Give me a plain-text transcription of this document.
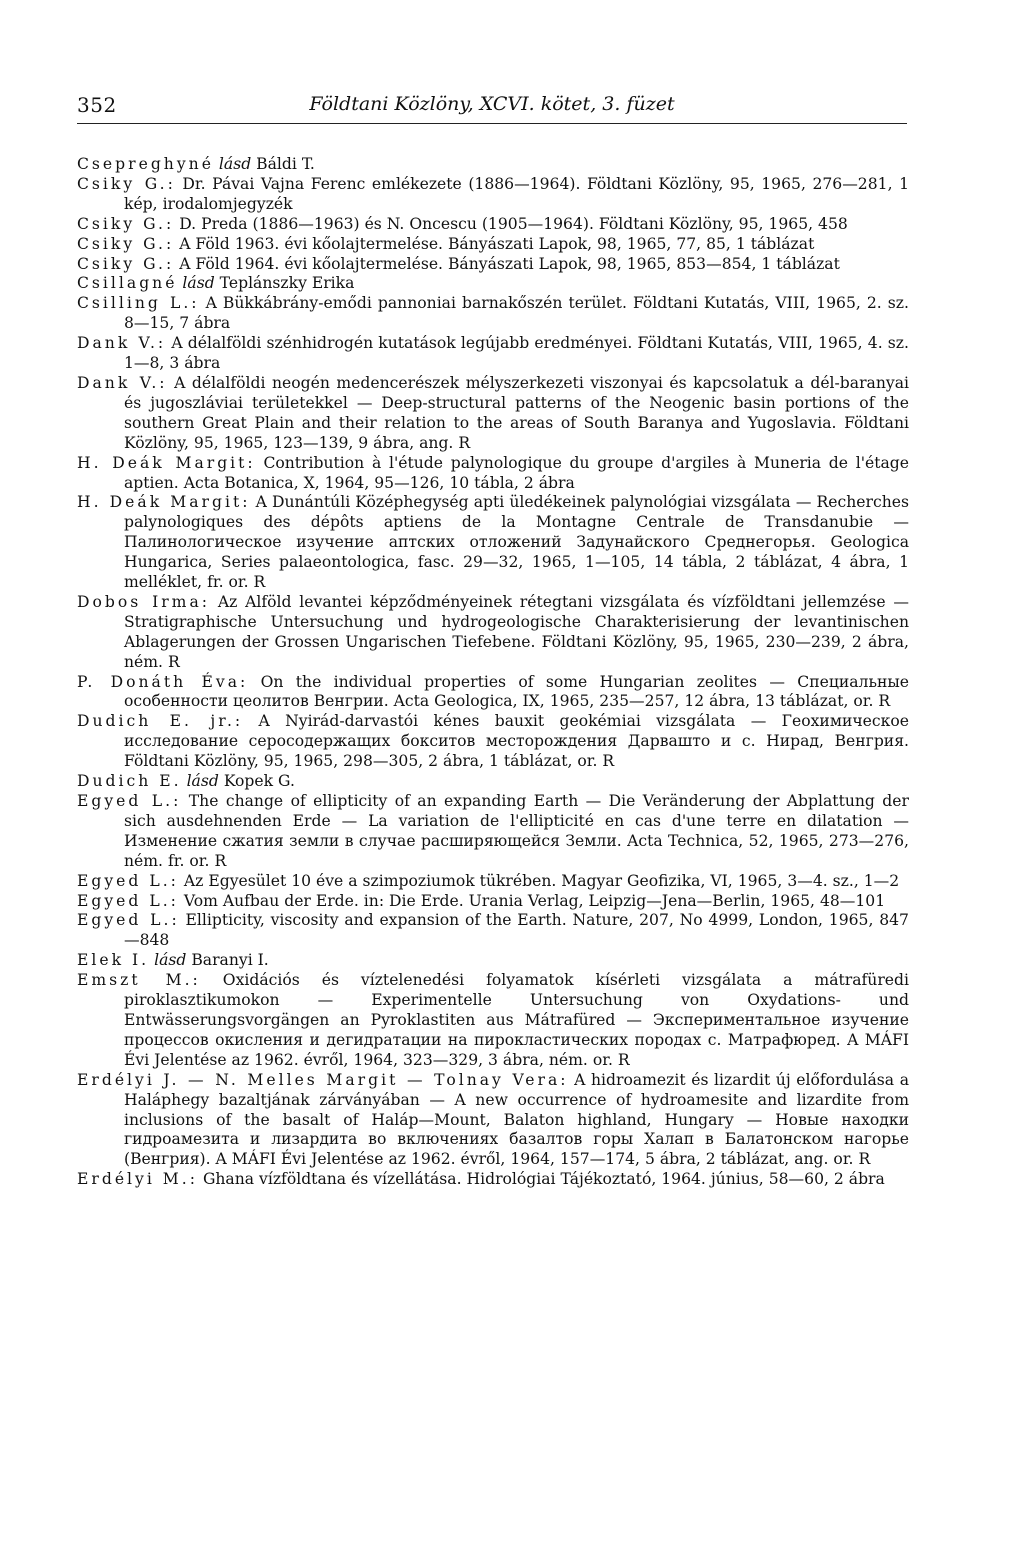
352	Földtani Közlöny, XCVI. kötet, 3. füzet
Csepreghyné lásd Báldi T.
Csiky G.: Dr. Pávai Vajna Ferenc emlékezete (1886—1964). Földtani Közlöny, 95, 1965, 276—281, 1 kép, irodalomjegyzék
Csiky G.: D. Preda (1886—1963) és N. Oncescu (1905—1964). Földtani Közlöny, 95, 1965, 458
Csiky G.: A Föld 1963. évi kőolajtermelése. Bányászati Lapok, 98, 1965, 77, 85, 1 táblázat
Csiky G.: A Föld 1964. évi kőolajtermelése. Bányászati Lapok, 98, 1965, 853—854, 1 táblázat
Csillagné lásd Teplánszky Erika
Csilling L.: A Bükkábrány-emődi pannoniai barnakőszén terület. Földtani Kutatás, VIII, 1965, 2. sz. 8—15, 7 ábra
Dank V.: A délalföldi szénhidrogén kutatások legújabb eredményei. Földtani Kutatás, VIII, 1965, 4. sz. 1—8, 3 ábra
Dank V.: A délalföldi neogén medencerészek mélyszerkezeti viszonyai és kapcsolatuk a dél-baranyai és jugoszláviai területekkel — Deep-structural patterns of the Neogenic basin portions of the southern Great Plain and their relation to the areas of South Baranya and Yugoslavia. Földtani Közlöny, 95, 1965, 123—139, 9 ábra, ang. R
H. Deák Margit: Contribution à l'étude palynologique du groupe d'argiles à Muneria de l'étage aptien. Acta Botanica, X, 1964, 95—126, 10 tábla, 2 ábra
H. Deák Margit: A Dunántúli Középhegység apti üledékeinek palynológiai vizsgálata — Recherches palynologiques des dépôts aptiens de la Montagne Centrale de Transdanubie — Палинологическое изучение аптских отложений Задунайского Среднегорья. Geologica Hungarica, Series palaeontologica, fasc. 29—32, 1965, 1—105, 14 tábla, 2 táblázat, 4 ábra, 1 melléklet, fr. or. R
Dobos Irma: Az Alföld levantei képződményeinek rétegtani vizsgálata és vízföldtani jellemzése — Stratigraphische Untersuchung und hydrogeologische Charakterisierung der levantinischen Ablagerungen der Grossen Ungarischen Tiefebene. Földtani Közlöny, 95, 1965, 230—239, 2 ábra, ném. R
P. Donáth Éva: On the individual properties of some Hungarian zeolites — Специальные особенности цеолитов Венгрии. Acta Geologica, IX, 1965, 235—257, 12 ábra, 13 táblázat, or. R
Dudich E. jr.: A Nyirád-darvastói kénes bauxit geokémiai vizsgálata — Геохимическое исследование серосодержащих бокситов месторождения Дарвашто и с. Нирад, Венгрия. Földtani Közlöny, 95, 1965, 298—305, 2 ábra, 1 táblázat, or. R
Dudich E. lásd Kopek G.
Egyed L.: The change of ellipticity of an expanding Earth — Die Veränderung der Abplattung der sich ausdehnenden Erde — La variation de l'ellipticité en cas d'une terre en dilatation — Изменение сжатия земли в случае расширяющейся Земли. Acta Technica, 52, 1965, 273—276, ném. fr. or. R
Egyed L.: Az Egyesület 10 éve a szimpoziumok tükrében. Magyar Geofizika, VI, 1965, 3—4. sz., 1—2
Egyed L.: Vom Aufbau der Erde. in: Die Erde. Urania Verlag, Leipzig—Jena—Berlin, 1965, 48—101
Egyed L.: Ellipticity, viscosity and expansion of the Earth. Nature, 207, No 4999, London, 1965, 847—848
Elek I. lásd Baranyi I.
Emszt M.: Oxidációs és víztelenedési folyamatok kísérleti vizsgálata a mátrafüredi piroklasztikumokon — Experimentelle Untersuchung von Oxydations- und Entwässerungsvorgängen an Pyroklastiten aus Mátrafüred — Экспериментальное изучение процессов окисления и дегидратации на пирокластических породах с. Матрафюред. A MÁFI Évi Jelentése az 1962. évről, 1964, 323—329, 3 ábra, ném. or. R
Erdélyi J. — N. Melles Margit — Tolnay Vera: A hidroamezit és lizardit új előfordulása a Haláphegy bazaltjának zárványában — A new occurrence of hydroamesite and lizardite from inclusions of the basalt of Haláp—Mount, Balaton highland, Hungary — Новые находки гидроамезита и лизардита во включениях базалтов горы Халап в Балатонском нагорье (Венгрия). A MÁFI Évi Jelentése az 1962. évről, 1964, 157—174, 5 ábra, 2 táblázat, ang. or. R
Erdélyi M.: Ghana vízföldtana és vízellátása. Hidrológiai Tájékoztató, 1964. június, 58—60, 2 ábra
